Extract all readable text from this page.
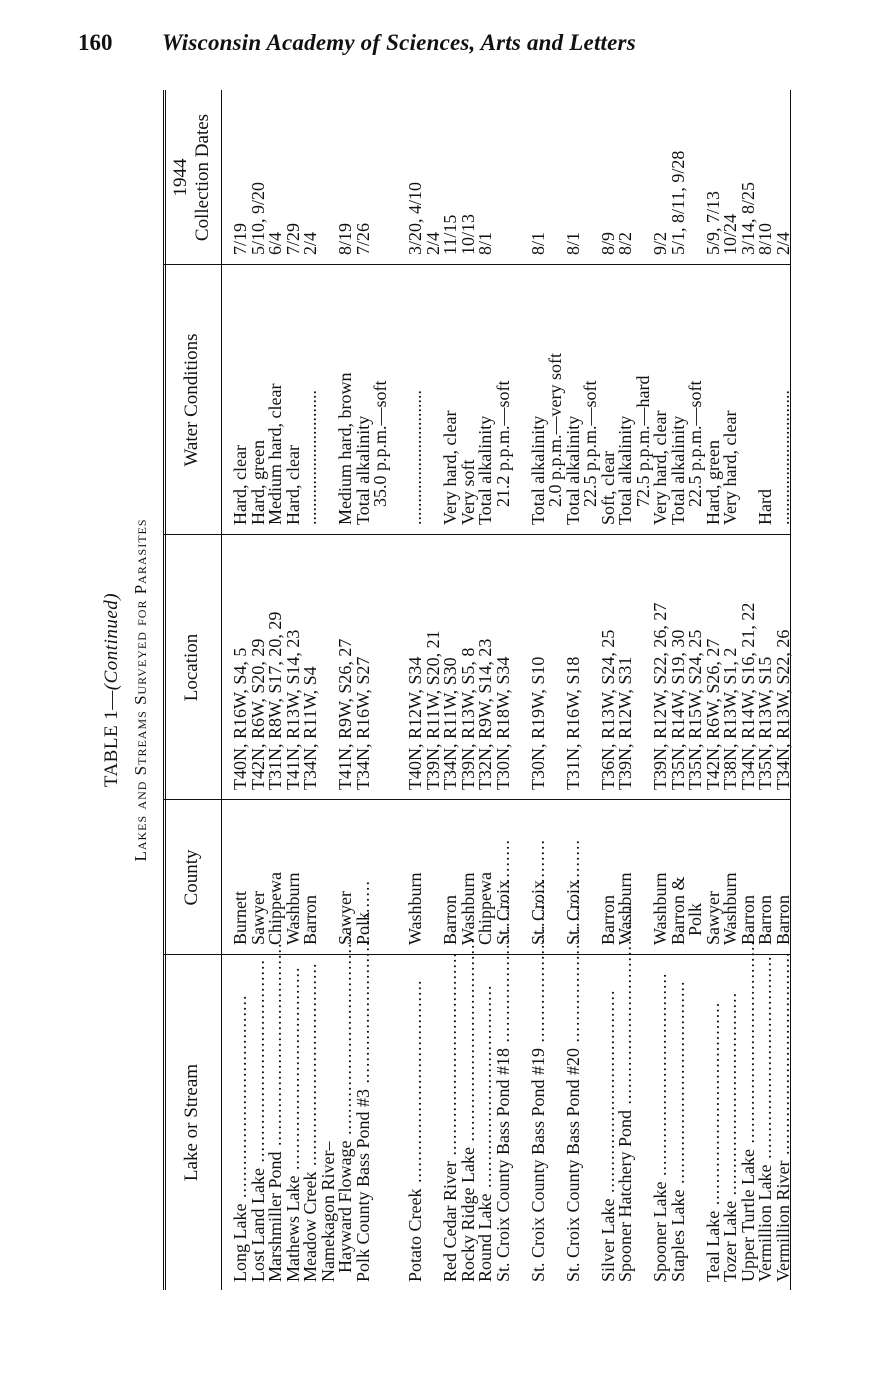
160 Wisconsin Academy of Sciences, Arts and Letters
TABLE 1—(Continued) Lakes and Streams Surveyed for Parasites
Lake or Stream
County
Location
Water Conditions
1944 Collection Dates
Long Lake .....
Burnett
T40N, R16W, S4, 5
Hard, clear
7/19
Lost Land Lake .....
Sawyer
T42N, R6W, S20, 29
Hard, green
5/10, 9/20
Marshmiller Pond .....
Chippewa
T31N, R8W, S17, 20, 29
Medium hard, clear
6/4
Mathews Lake .....
Washburn
T41N, R13W, S14, 23
Hard, clear
7/29
Meadow Creek .....
Barron
T34N, R11W, S4
..............................
2/4
Namekagon River–
Hayward Flowage .....
Sawyer
T41N, R9W, S26, 27
Medium hard, brown
8/19
Polk County Bass Pond #3 .....
Polk
T34N, R16W, S27
Total alkalinity
7/26
35.0 p.p.m.—soft
Potato Creek .....
Washburn
T40N, R12W, S34
..............................
3/20, 4/10
T39N, R11W, S20, 21
2/4
Red Cedar River .....
Barron
T34N, R11W, S30
Very hard, clear
11/15
Rocky Ridge Lake .....
Washburn
T39N, R13W, S5, 8
Very soft
10/13
Round Lake .....
Chippewa
T32N, R9W, S14, 23
Total alkalinity
8/1
St. Croix County Bass Pond #18 .....
St. Croix
T30N, R18W, S34
21.2 p.p.m.—soft
St. Croix County Bass Pond #19 .....
St. Croix
T30N, R19W, S10
Total alkalinity
8/1
2.0 p.p.m.—very soft
St. Croix County Bass Pond #20 .....
St. Croix
T31N, R16W, S18
Total alkalinity
8/1
22.5 p.p.m.—soft
Silver Lake .....
Barron
T36N, R13W, S24, 25
Soft, clear
8/9
Spooner Hatchery Pond .....
Washburn
T39N, R12W, S31
Total alkalinity
8/2
72.5 p.p.m.—hard
Spooner Lake .....
Washburn
T39N, R12W, S22, 26, 27
Very hard, clear
9/2
Staples Lake .....
Barron &
T35N, R14W, S19, 30
Total alkalinity
5/1, 8/11, 9/28
Polk
T35N, R15W, S24, 25
22.5 p.p.m.—soft
Teal Lake .....
Sawyer
T42N, R6W, S26, 27
Hard, green
5/9, 7/13
Tozer Lake .....
Washburn
T38N, R13W, S1, 2
Very hard, clear
10/24
Upper Turtle Lake .....
Barron
T34N, R14W, S16, 21, 22
3/14, 8/25
Vermillion Lake .....
Barron
T35N, R13W, S15
Hard
8/10
Vermillion River .....
Barron
T34N, R13W, S22, 26
..............................
2/4
